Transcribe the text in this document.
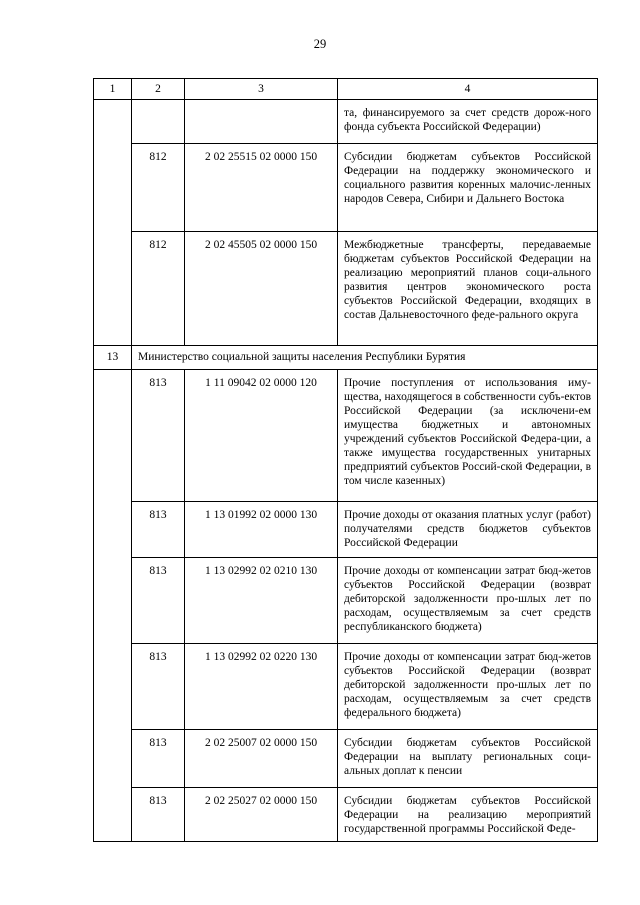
29
1	2	3	4
			та, финансируемого за счет средств дорож-ного фонда субъекта Российской Федерации)
	812	2 02 25515 02 0000 150	Субсидии бюджетам субъектов Российской Федерации на поддержку экономического и социального развития коренных малочис-ленных народов Севера, Сибири и Дальнего Востока
	812	2 02 45505 02 0000 150	Межбюджетные трансферты, передаваемые бюджетам субъектов Российской Федерации на реализацию мероприятий планов соци-ального развития центров экономического роста субъектов Российской Федерации, входящих в состав Дальневосточного феде-рального округа
13	Министерство социальной защиты населения Республики Бурятия		
	813	1 11 09042 02 0000 120	Прочие поступления от использования иму-щества, находящегося в собственности субъ-ектов Российской Федерации (за исключени-ем имущества бюджетных и автономных учреждений субъектов Российской Федера-ции, а также имущества государственных унитарных предприятий субъектов Россий-ской Федерации, в том числе казенных)
	813	1 13 01992 02 0000 130	Прочие доходы от оказания платных услуг (работ) получателями средств бюджетов субъектов Российской Федерации
	813	1 13 02992 02 0210 130	Прочие доходы от компенсации затрат бюд-жетов субъектов Российской Федерации (возврат дебиторской задолженности про-шлых лет по расходам, осуществляемым за счет средств республиканского бюджета)
	813	1 13 02992 02 0220 130	Прочие доходы от компенсации затрат бюд-жетов субъектов Российской Федерации (возврат дебиторской задолженности про-шлых лет по расходам, осуществляемым за счет средств федерального бюджета)
	813	2 02 25007 02 0000 150	Субсидии бюджетам субъектов Российской Федерации на выплату региональных соци-альных доплат к пенсии
	813	2 02 25027 02 0000 150	Субсидии бюджетам субъектов Российской Федерации на реализацию мероприятий государственной программы Российской Феде-
